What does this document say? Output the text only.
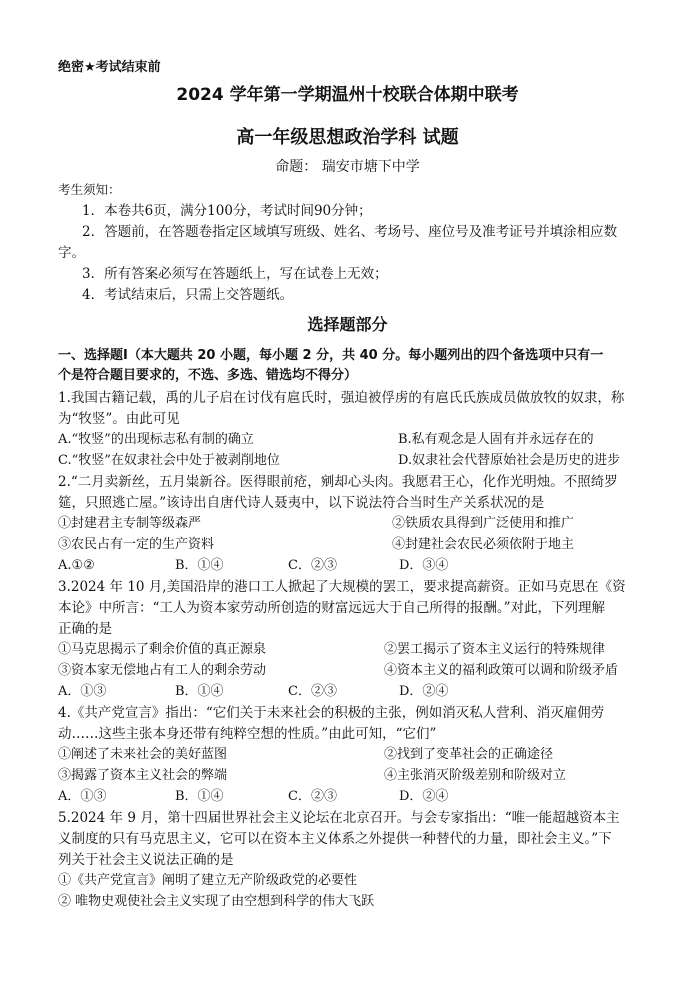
绝密★考试结束前
2024 学年第一学期温州十校联合体期中联考
高一年级思想政治学科 试题
命题： 瑞安市塘下中学
考生须知：
1．本卷共6页，满分100分，考试时间90分钟；
2．答题前，在答题卷指定区域填写班级、姓名、考场号、座位号及准考证号并填涂相应数
字。
3．所有答案必须写在答题纸上，写在试卷上无效；
4．考试结束后，只需上交答题纸。
选择题部分
一、选择题Ⅰ（本大题共 20 小题，每小题 2 分，共 40 分。每小题列出的四个备选项中只有一
个是符合题目要求的，不选、多选、错选均不得分）
1.我国古籍记载，禹的儿子启在讨伐有扈氏时，强迫被俘虏的有扈氏氏族成员做放牧的奴隶，称
为“牧竖”。由此可见
A.“牧竖”的出现标志私有制的确立	B.私有观念是人固有并永远存在的
C.“牧竖”在奴隶社会中处于被剥削地位	D.奴隶社会代替原始社会是历史的进步
2.“二月卖新丝，五月粜新谷。医得眼前疮，剜却心头肉。我愿君王心，化作光明烛。不照绮罗
筵，只照逃亡屋。”该诗出自唐代诗人聂夷中，以下说法符合当时生产关系状况的是
①封建君主专制等级森严	②铁质农具得到广泛使用和推广
③农民占有一定的生产资料	④封建社会农民必须依附于地主
A.①②	B．①④	C．②③	D．③④
3.2024 年 10 月,美国沿岸的港口工人掀起了大规模的罢工，要求提高薪资。正如马克思在《资
本论》中所言：“工人为资本家劳动所创造的财富远远大于自己所得的报酬。”对此，下列理解
正确的是
①马克思揭示了剩余价值的真正源泉	②罢工揭示了资本主义运行的特殊规律
③资本家无偿地占有工人的剩余劳动	④资本主义的福利政策可以调和阶级矛盾
A．①③	B．①④	C．②③	D．②④
4.《共产党宣言》指出：“它们关于未来社会的积极的主张，例如消灭私人营利、消灭雇佣劳
动……这些主张本身还带有纯粹空想的性质。”由此可知，“它们”
①阐述了未来社会的美好蓝图	②找到了变革社会的正确途径
③揭露了资本主义社会的弊端	④主张消灭阶级差别和阶级对立
A．①③	B．①④	C．②③	D．②④
5.2024 年 9 月，第十四届世界社会主义论坛在北京召开。与会专家指出：“唯一能超越资本主
义制度的只有马克思主义，它可以在资本主义体系之外提供一种替代的力量，即社会主义。”下
列关于社会主义说法正确的是
①《共产党宣言》阐明了建立无产阶级政党的必要性
② 唯物史观使社会主义实现了由空想到科学的伟大飞跃
